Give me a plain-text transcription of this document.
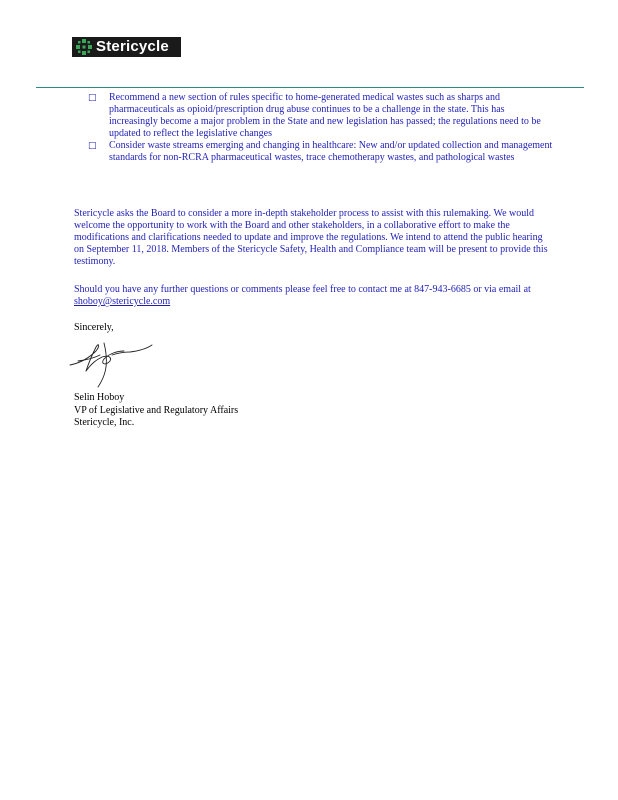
Stericycle
□ Recommend a new section of rules specific to home-generated medical wastes such as sharps and pharmaceuticals as opioid/prescription drug abuse continues to be a challenge in the state. This has increasingly become a major problem in the State and new legislation has passed; the regulations need to be updated to reflect the legislative changes
□ Consider waste streams emerging and changing in healthcare: New and/or updated collection and management standards for non-RCRA pharmaceutical wastes, trace chemotherapy wastes, and pathological wastes

Stericycle asks the Board to consider a more in-depth stakeholder process to assist with this rulemaking. We would welcome the opportunity to work with the Board and other stakeholders, in a collaborative effort to make the modifications and clarifications needed to update and improve the regulations. We intend to attend the public hearing on September 11, 2018. Members of the Stericycle Safety, Health and Compliance team will be present to provide this testimony.

Should you have any further questions or comments please feel free to contact me at 847-943-6685 or via email at shoboy@stericycle.com

Sincerely,
Selin Hoboy
VP of Legislative and Regulatory Affairs
Stericycle, Inc.
